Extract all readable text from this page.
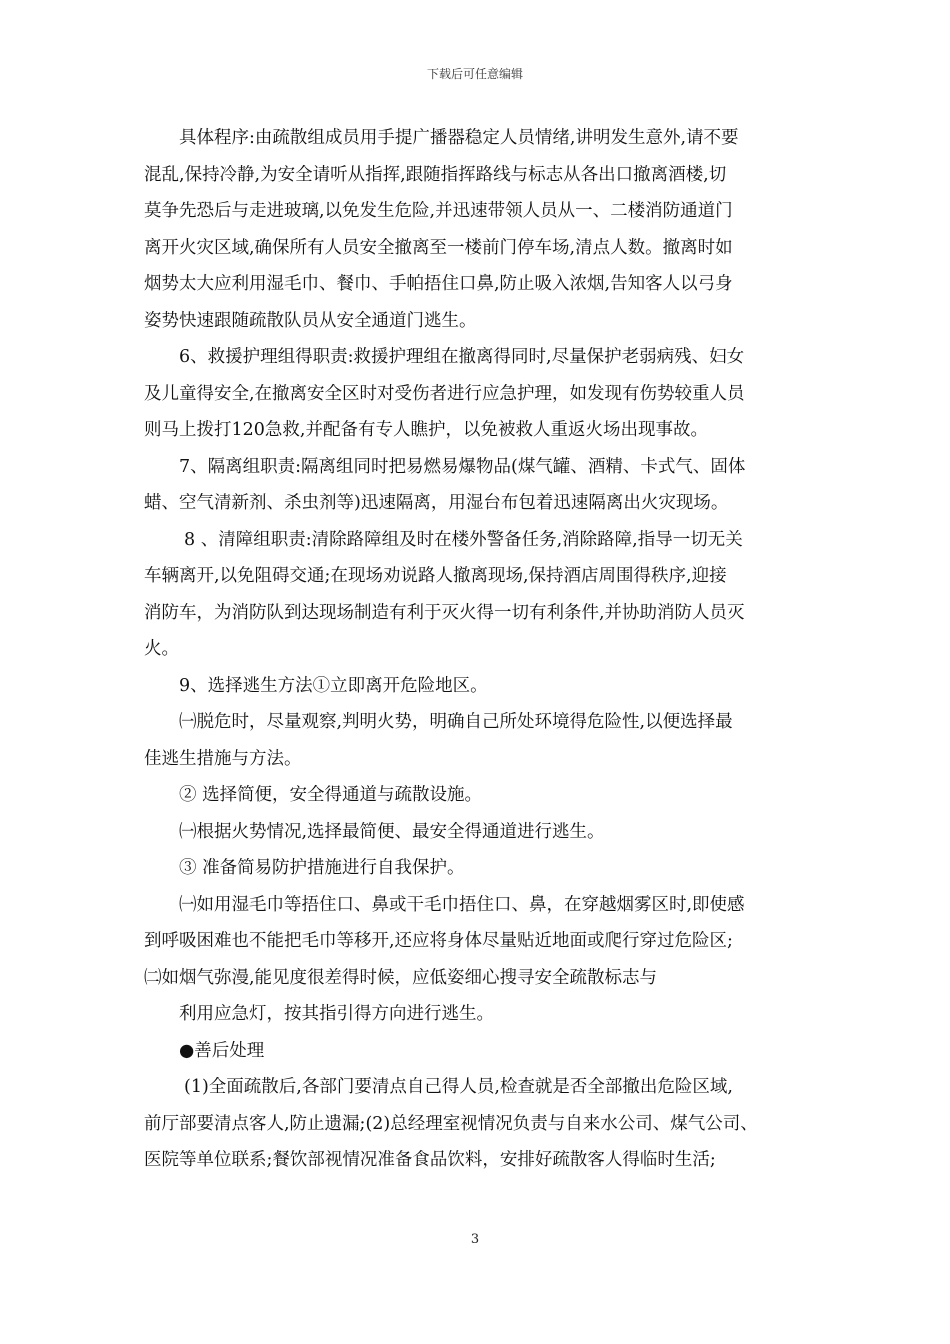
下载后可任意编辑
具体程序:由疏散组成员用手提广播器稳定人员情绪,讲明发生意外,请不要
混乱,保持冷静,为安全请听从指挥,跟随指挥路线与标志从各出口撤离酒楼,切
莫争先恐后与走进玻璃,以免发生危险,并迅速带领人员从一、二楼消防通道门
离开火灾区域,确保所有人员安全撤离至一楼前门停车场,清点人数。撤离时如
烟势太大应利用湿毛巾、餐巾、手帕捂住口鼻,防止吸入浓烟,告知客人以弓身
姿势快速跟随疏散队员从安全通道门逃生。
6、救援护理组得职责:救援护理组在撤离得同时,尽量保护老弱病残、妇女
及儿童得安全,在撤离安全区时对受伤者进行应急护理，如发现有伤势较重人员
则马上拨打120急救,并配备有专人瞧护，以免被救人重返火场出现事故。
7、隔离组职责:隔离组同时把易燃易爆物品(煤气罐、酒精、卡式气、固体
蜡、空气清新剂、杀虫剂等)迅速隔离，用湿台布包着迅速隔离出火灾现场。
8 、清障组职责:清除路障组及时在楼外警备任务,消除路障,指导一切无关
车辆离开,以免阻碍交通;在现场劝说路人撤离现场,保持酒店周围得秩序,迎接
消防车，为消防队到达现场制造有利于灭火得一切有利条件,并协助消防人员灭
火。
9、选择逃生方法①立即离开危险地区。
㈠脱危时，尽量观察,判明火势，明确自己所处环境得危险性,以便选择最
佳逃生措施与方法。
② 选择简便，安全得通道与疏散设施。
㈠根据火势情况,选择最简便、最安全得通道进行逃生。
③ 准备简易防护措施进行自我保护。
㈠如用湿毛巾等捂住口、鼻或干毛巾捂住口、鼻，在穿越烟雾区时,即使感
到呼吸困难也不能把毛巾等移开,还应将身体尽量贴近地面或爬行穿过危险区;
㈡如烟气弥漫,能见度很差得时候，应低姿细心搜寻安全疏散标志与
利用应急灯，按其指引得方向进行逃生。
●善后处理
(1)全面疏散后,各部门要清点自己得人员,检查就是否全部撤出危险区域,
前厅部要清点客人,防止遗漏;(2)总经理室视情况负责与自来水公司、煤气公司、
医院等单位联系;餐饮部视情况准备食品饮料，安排好疏散客人得临时生活;
3
